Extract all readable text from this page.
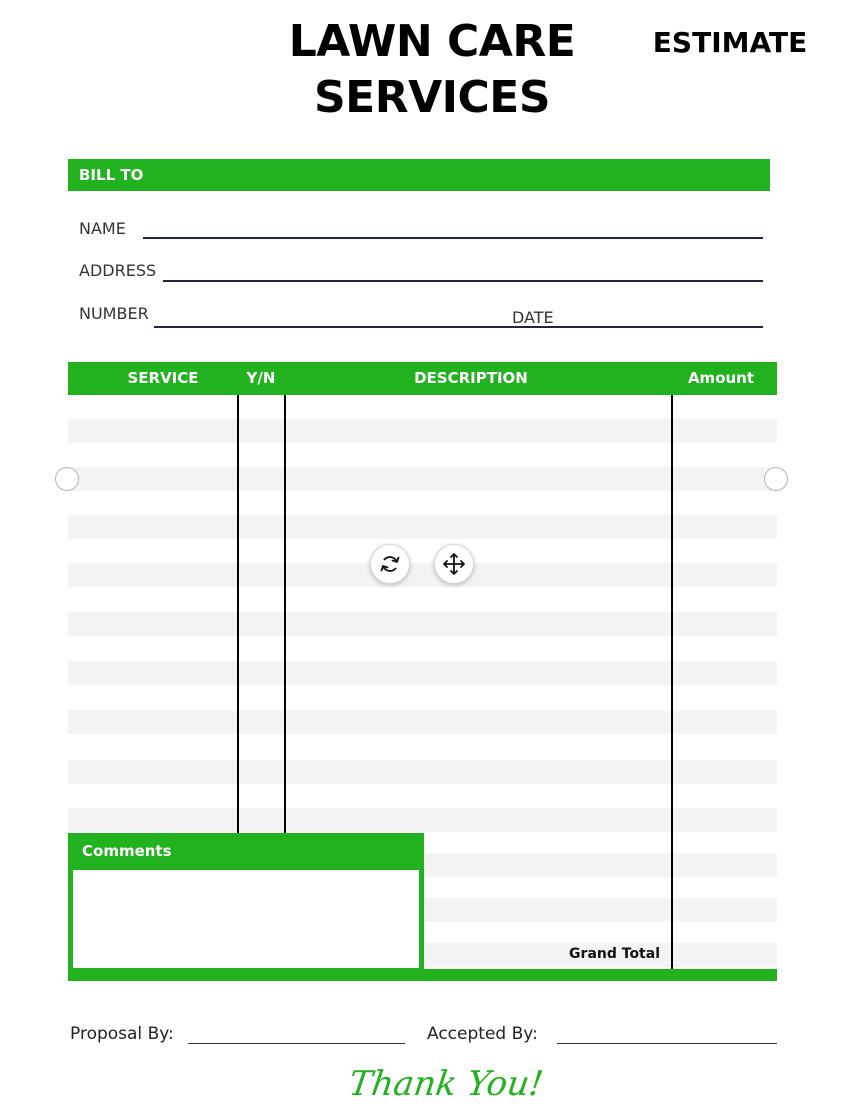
LAWN CARE
SERVICES
ESTIMATE
BILL TO
NAME
ADDRESS
NUMBER	DATE
SERVICE	Y/N	DESCRIPTION	Amount
Comments
Grand Total
Proposal By:	Accepted By:
Thank You!
